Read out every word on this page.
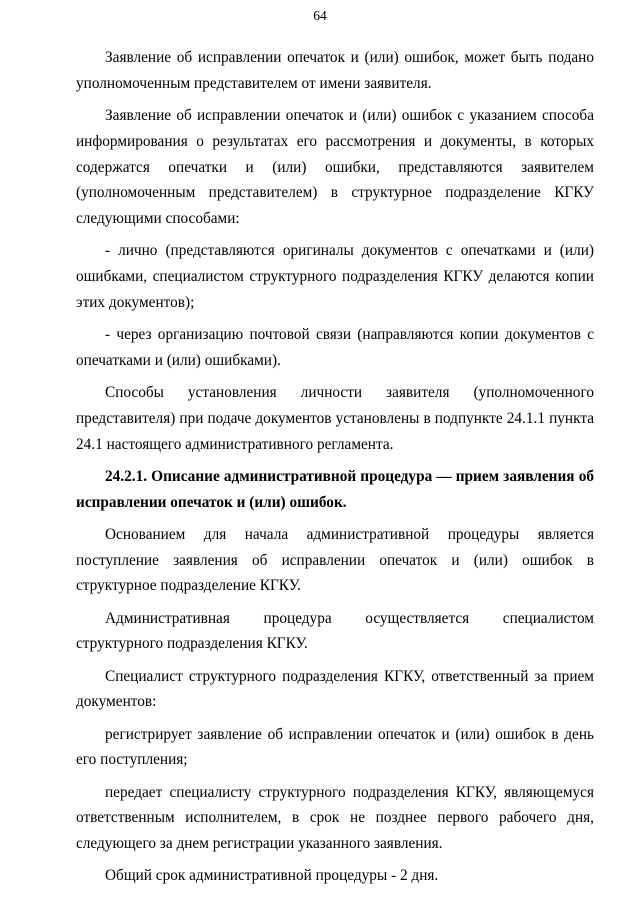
64

Заявление об исправлении опечаток и (или) ошибок, может быть подано уполномоченным представителем от имени заявителя.

Заявление об исправлении опечаток и (или) ошибок с указанием способа информирования о результатах его рассмотрения и документы, в которых содержатся опечатки и (или) ошибки, представляются заявителем (уполномоченным представителем) в структурное подразделение КГКУ следующими способами:

- лично (представляются оригиналы документов с опечатками и (или) ошибками, специалистом структурного подразделения КГКУ делаются копии этих документов);

- через организацию почтовой связи (направляются копии документов с опечатками и (или) ошибками).

Способы установления личности заявителя (уполномоченного представителя) при подаче документов установлены в подпункте 24.1.1 пункта 24.1 настоящего административного регламента.

24.2.1. Описание административной процедура — прием заявления об исправлении опечаток и (или) ошибок.

Основанием для начала административной процедуры является поступление заявления об исправлении опечаток и (или) ошибок в структурное подразделение КГКУ.

Административная процедура осуществляется специалистом структурного подразделения КГКУ.

Специалист структурного подразделения КГКУ, ответственный за прием документов:

регистрирует заявление об исправлении опечаток и (или) ошибок в день его поступления;

передает специалисту структурного подразделения КГКУ, являющемуся ответственным исполнителем, в срок не позднее первого рабочего дня, следующего за днем регистрации указанного заявления.

Общий срок административной процедуры - 2 дня.
